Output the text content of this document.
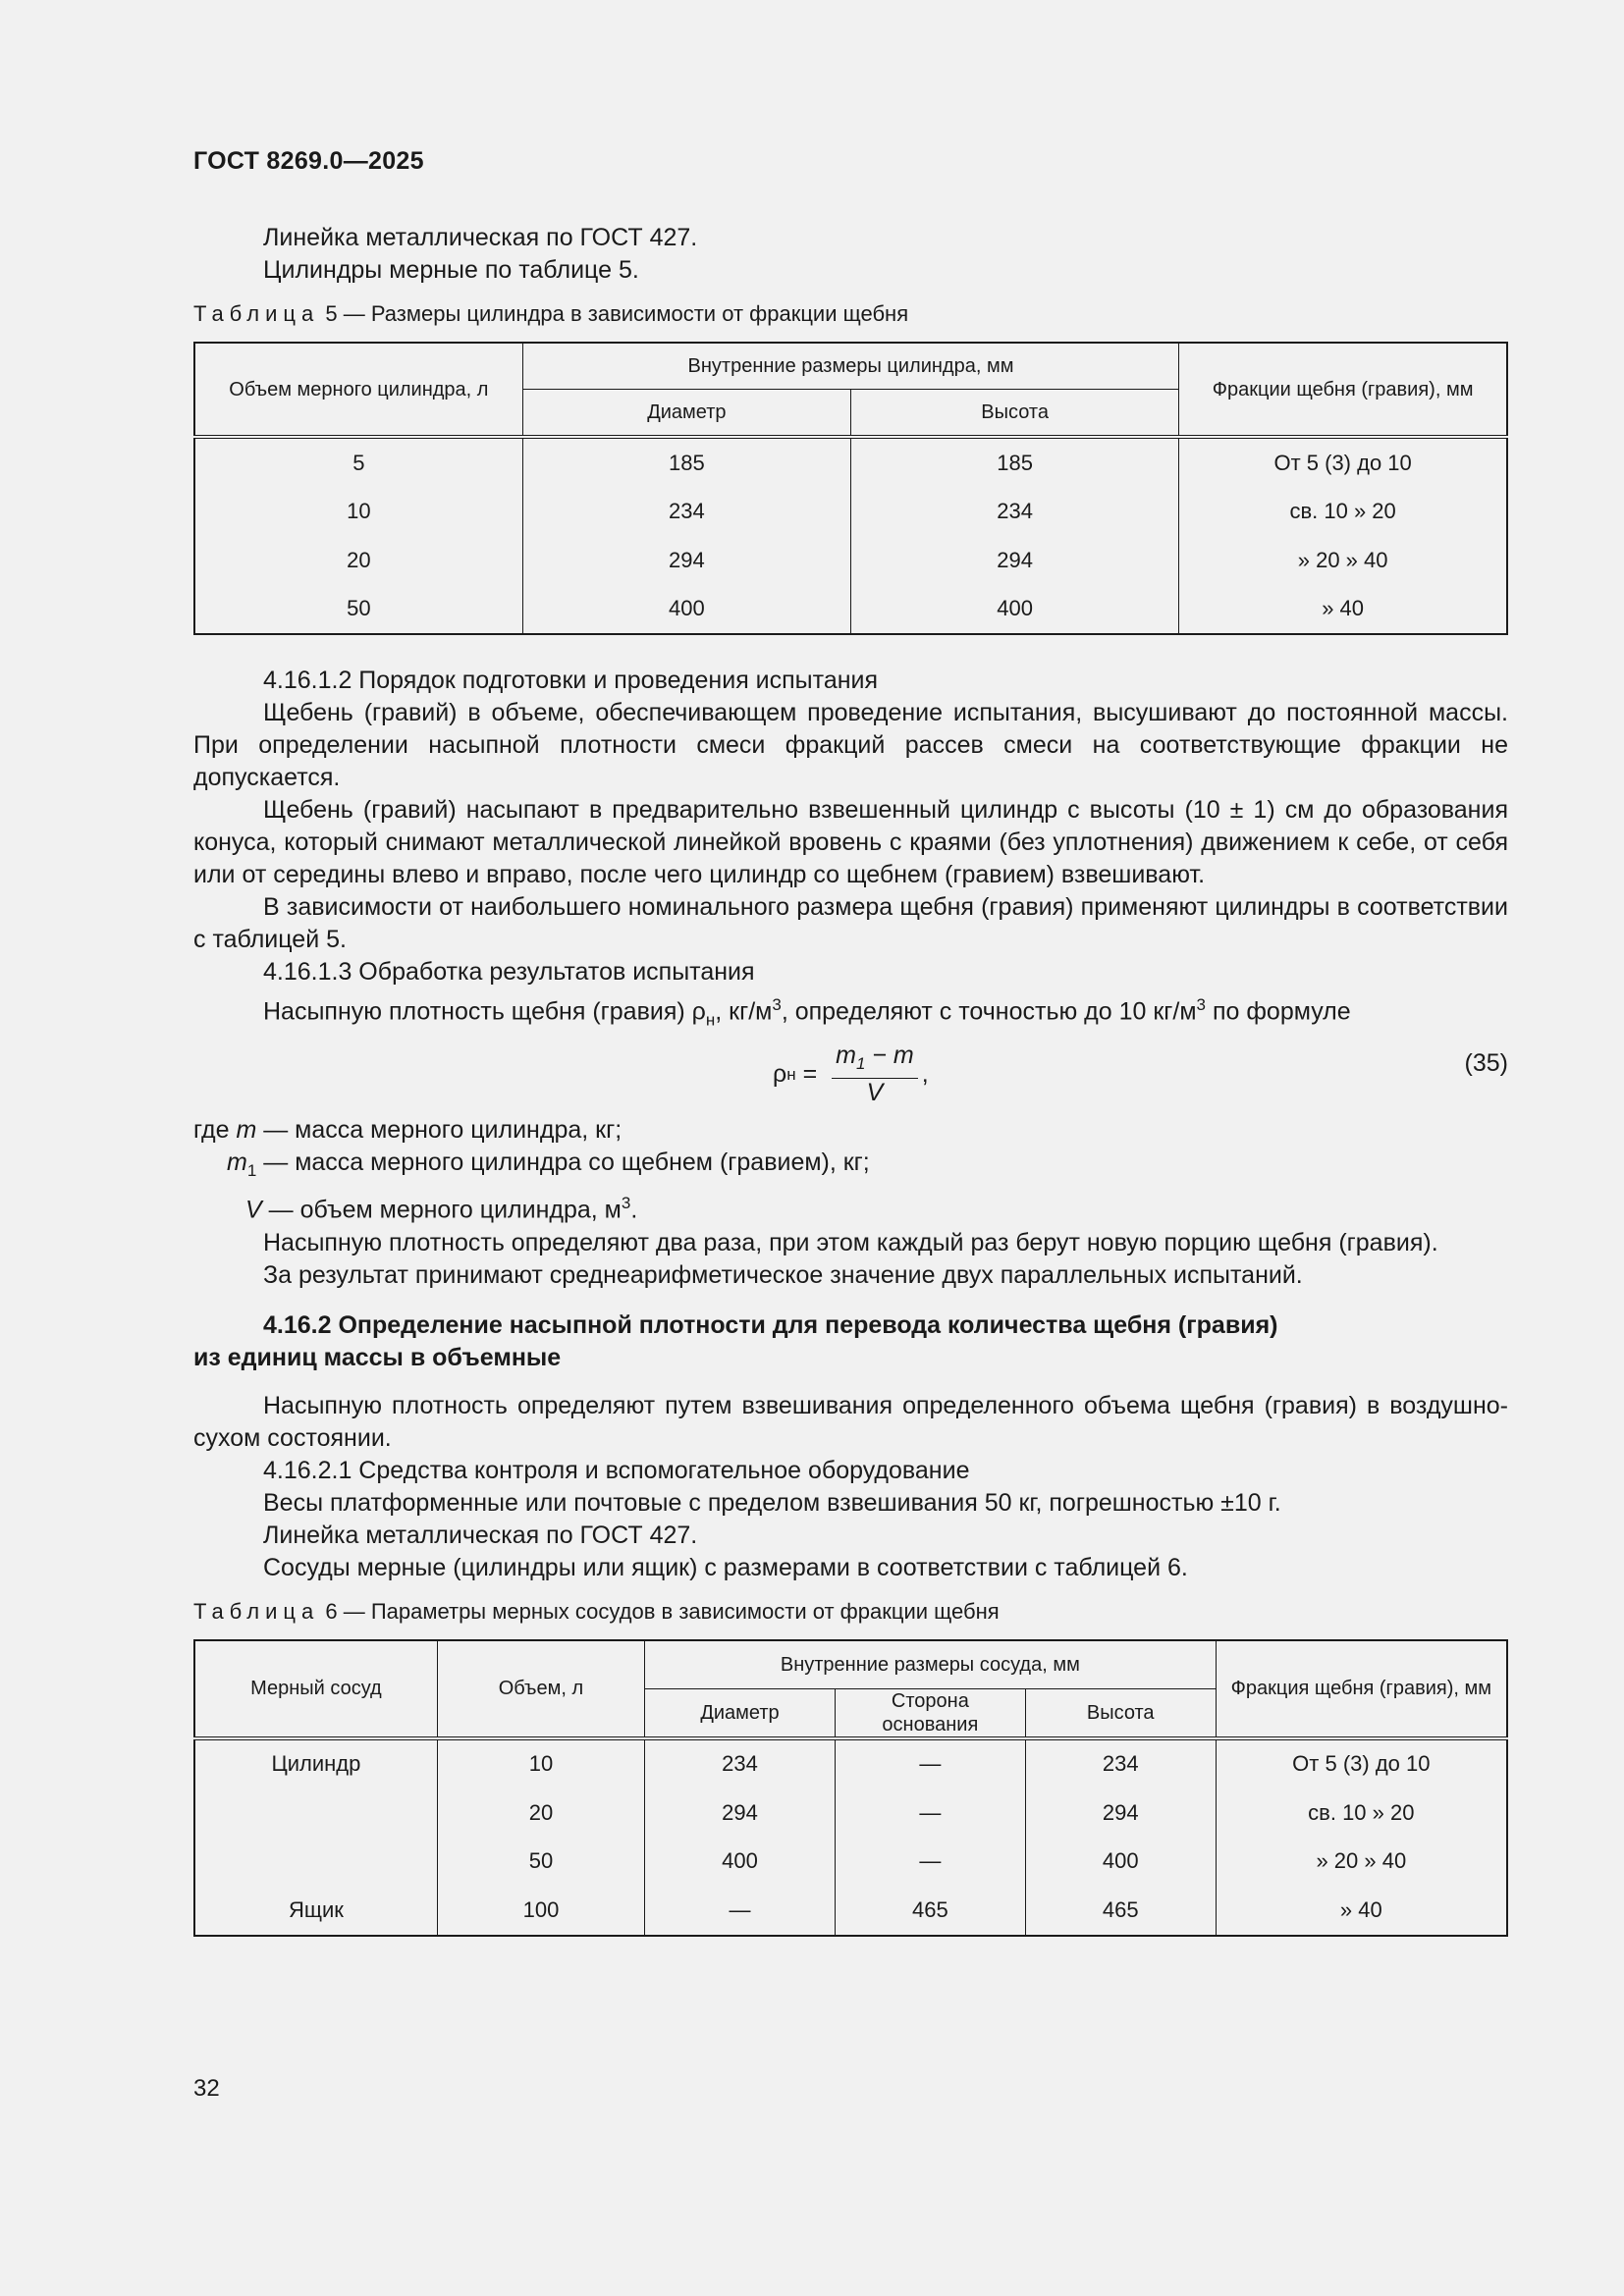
ГОСТ 8269.0—2025

Линейка металлическая по ГОСТ 427.

Цилиндры мерные по таблице 5.

Таблица 5 — Размеры цилиндра в зависимости от фракции щебня

Объем мерного цилиндра, л	Внутренние размеры цилиндра, мм		Фракции щебня (гравия), мм
	Диаметр	Высота	
5	185	185	От 5 (3) до 10
10	234	234	св. 10 » 20
20	294	294	» 20 » 40
50	400	400	» 40

4.16.1.2 Порядок подготовки и проведения испытания

Щебень (гравий) в объеме, обеспечивающем проведение испытания, высушивают до постоянной массы. При определении насыпной плотности смеси фракций рассев смеси на соответствующие фракции не допускается.

Щебень (гравий) насыпают в предварительно взвешенный цилиндр с высоты (10 ± 1) см до образования конуса, который снимают металлической линейкой вровень с краями (без уплотнения) движением к себе, от себя или от середины влево и вправо, после чего цилиндр со щебнем (гравием) взвешивают.

В зависимости от наибольшего номинального размера щебня (гравия) применяют цилиндры в соответствии с таблицей 5.

4.16.1.3 Обработка результатов испытания

Насыпную плотность щебня (гравия) $\rho_н$, $кг/м^3$, определяют с точностью до 10 $кг/м^3$ по формуле

ρ $н = \frac{m_1 - m}{V}$ ,	(35)

где m — масса мерного цилиндра, кг;

$m_1$ — масса мерного цилиндра со щебнем (гравием), кг;

V — объем мерного цилиндра, $м^3$.

Насыпную плотность определяют два раза, при этом каждый раз берут новую порцию щебня (гравия).

За результат принимают среднеарифметическое значение двух параллельных испытаний.

4.16.2 Определение насыпной плотности для перевода количества щебня (гравия)
из единиц массы в объемные

Насыпную плотность определяют путем взвешивания определенного объема щебня (гравия) в воздушно-сухом состоянии.

4.16.2.1 Средства контроля и вспомогательное оборудование

Весы платформенные или почтовые с пределом взвешивания 50 кг, погрешностью ±10 г.

Линейка металлическая по ГОСТ 427.

Сосуды мерные (цилиндры или ящик) с размерами в соответствии с таблицей 6.

Таблица 6 — Параметры мерных сосудов в зависимости от фракции щебня

Мерный сосуд	Объем, л	Внутренние размеры сосуда, мм			Фракция щебня (гравия), мм
		Диаметр	Сторона основания	Высота	
Цилиндр	10	234	—	234	От 5 (3) до 10
	20	294	—	294	св. 10 » 20
	50	400	—	400	» 20 » 40
Ящик	100	—	465	465	» 40
32
